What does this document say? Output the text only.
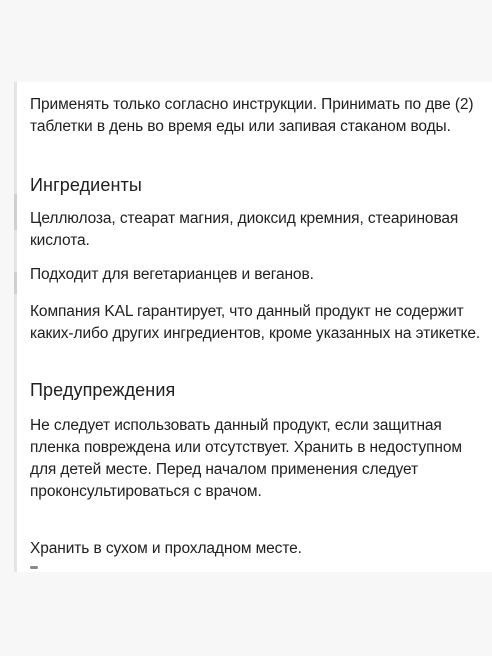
Применять только согласно инструкции. Принимать по две (2) таблетки в день во время еды или запивая стаканом воды.

Ингредиенты

Целлюлоза, стеарат магния, диоксид кремния, стеариновая кислота.

Подходит для вегетарианцев и веганов.

Компания KAL гарантирует, что данный продукт не содержит каких-либо других ингредиентов, кроме указанных на этикетке.

Предупреждения

Не следует использовать данный продукт, если защитная пленка повреждена или отсутствует. Хранить в недоступном для детей месте. Перед началом применения следует проконсультироваться с врачом.

Хранить в сухом и прохладном месте.
